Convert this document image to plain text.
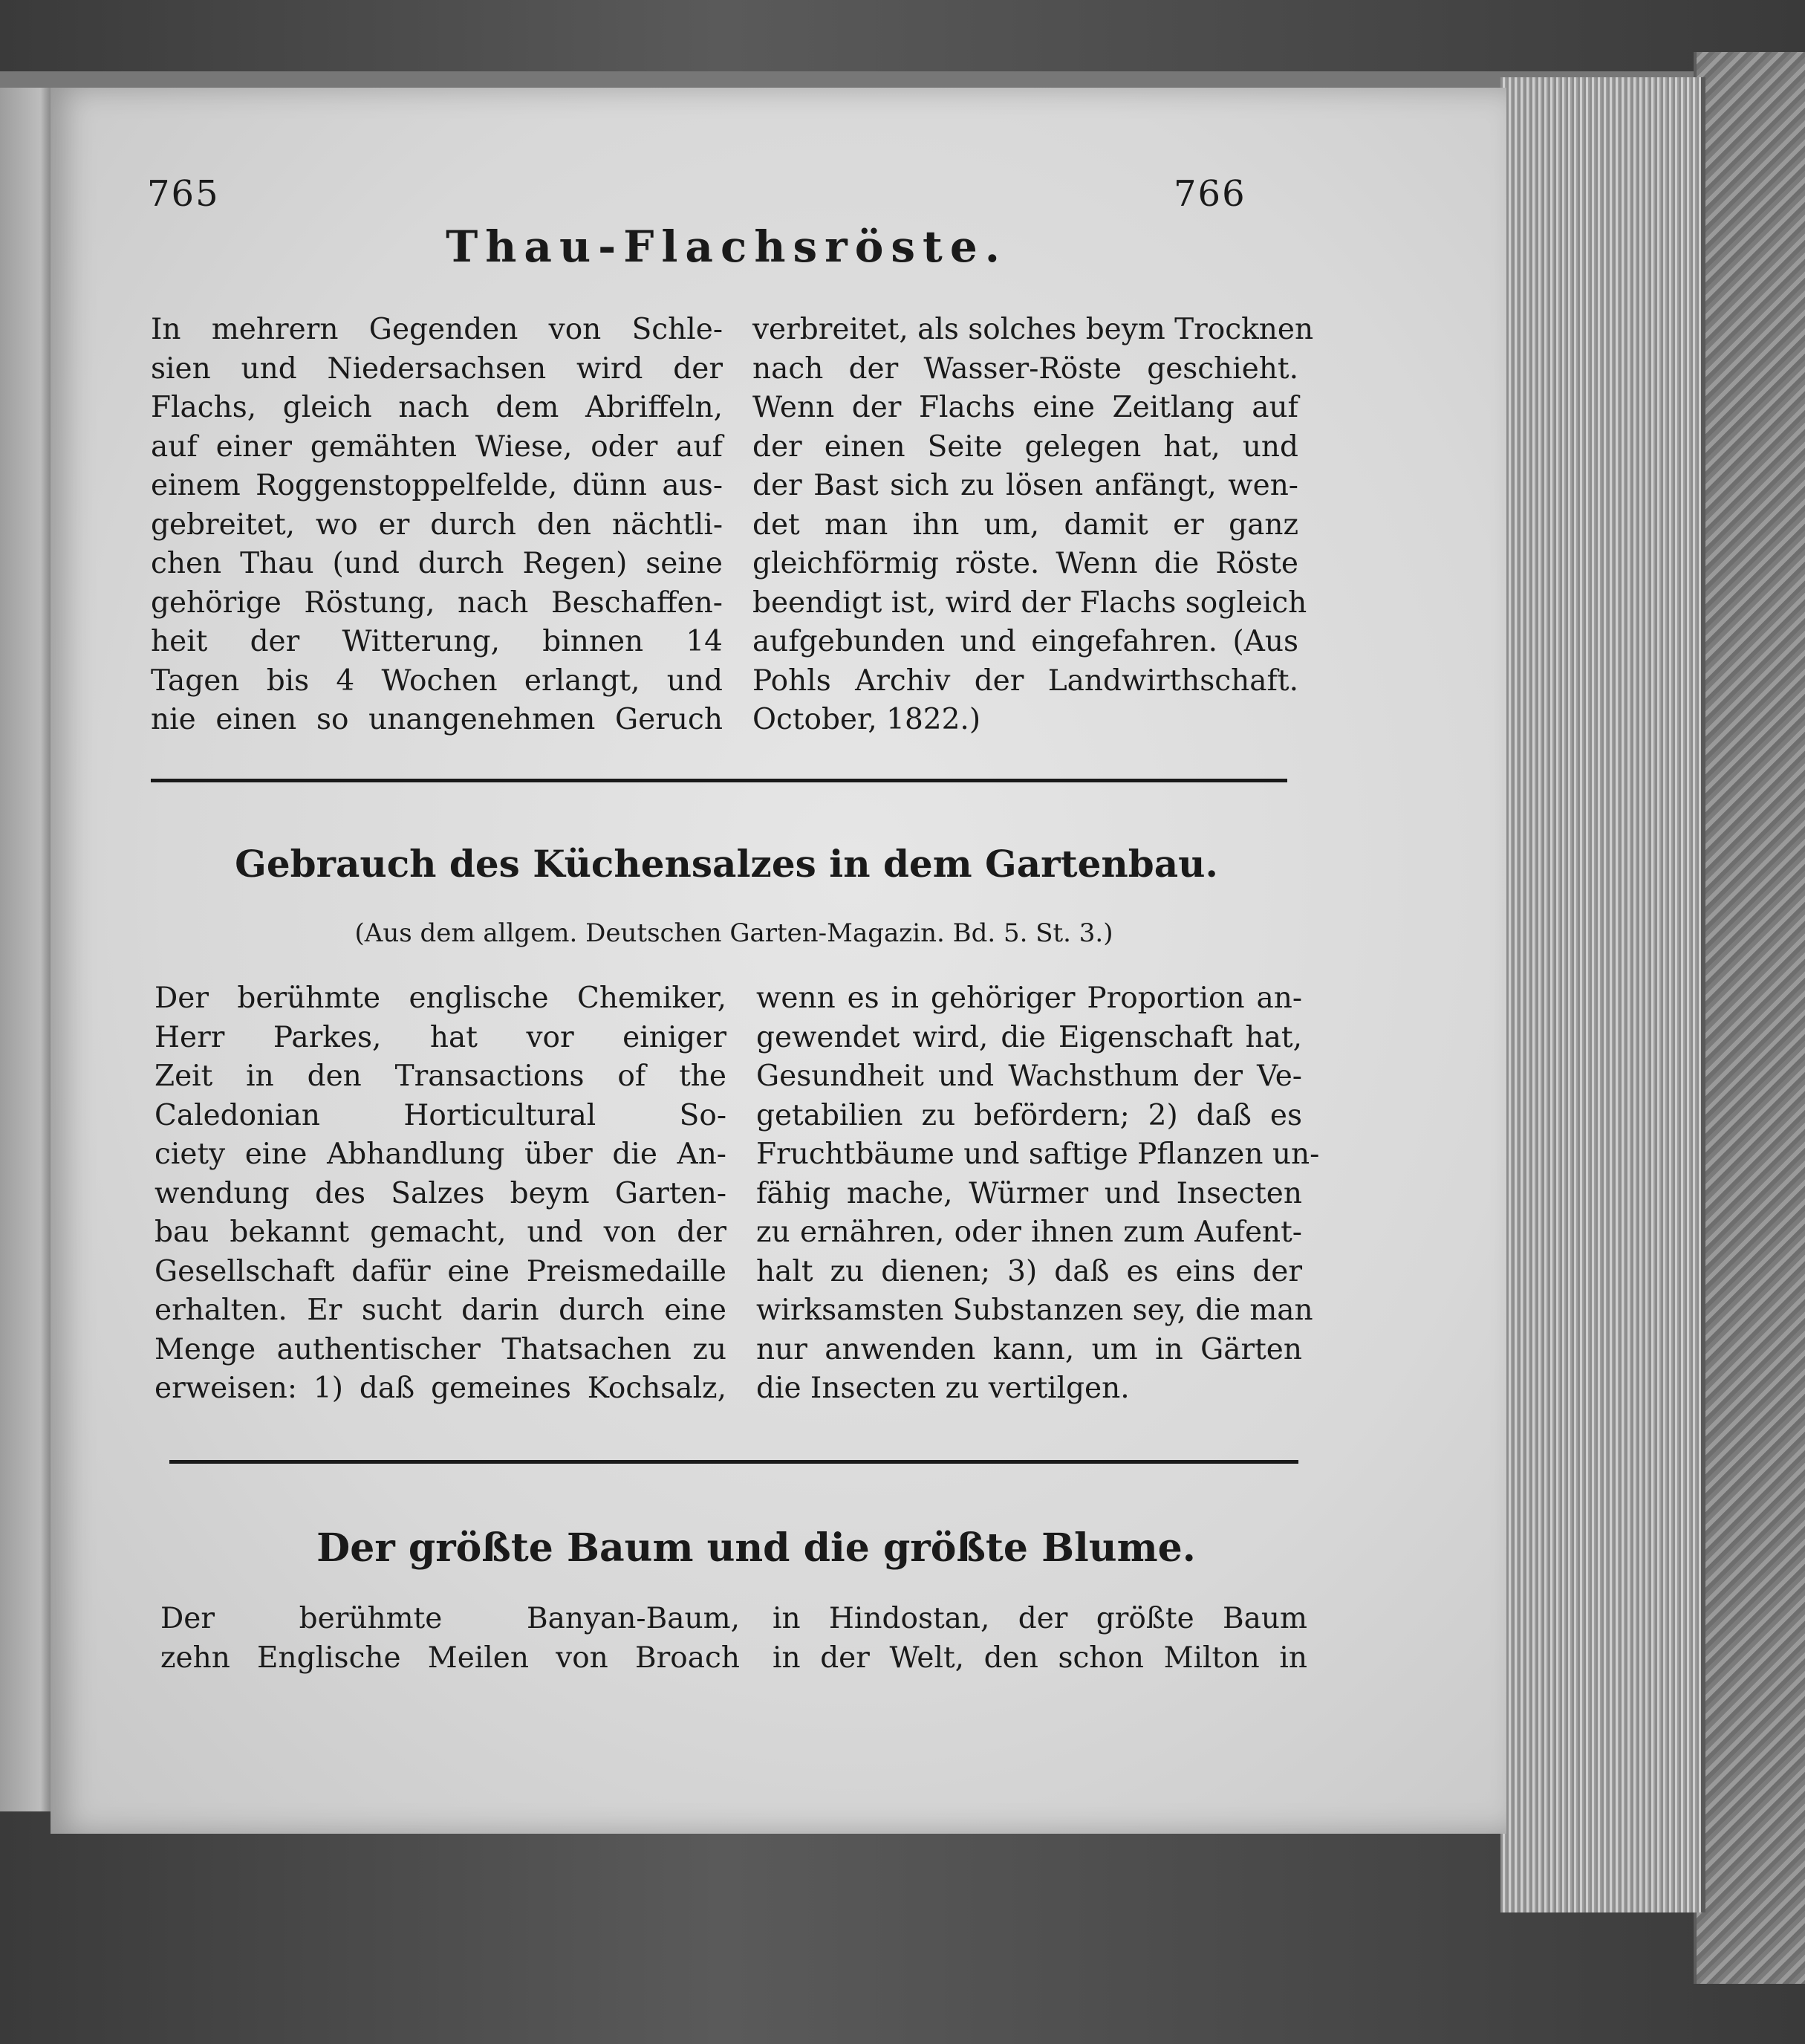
765	766
Thau-Flachsröste.
In mehrern Gegenden von Schle-
sien und Niedersachsen wird der
Flachs, gleich nach dem Abriffeln,
auf einer gemähten Wiese, oder auf
einem Roggenstoppelfelde, dünn aus-
gebreitet, wo er durch den nächtli-
chen Thau (und durch Regen) seine
gehörige Röstung, nach Beschaffen-
heit der Witterung, binnen 14
Tagen bis 4 Wochen erlangt, und
nie einen so unangenehmen Geruch
verbreitet, als solches beym Trocknen
nach der Wasser-Röste geschieht.
Wenn der Flachs eine Zeitlang auf
der einen Seite gelegen hat, und
der Bast sich zu lösen anfängt, wen-
det man ihn um, damit er ganz
gleichförmig röste. Wenn die Röste
beendigt ist, wird der Flachs sogleich
aufgebunden und eingefahren. (Aus
Pohls Archiv der Landwirthschaft.
October, 1822.)
Gebrauch des Küchensalzes in dem Gartenbau.
(Aus dem allgem. Deutschen Garten-Magazin. Bd. 5. St. 3.)
Der berühmte englische Chemiker,
Herr Parkes, hat vor einiger
Zeit in den Transactions of the
Caledonian Horticultural So-
ciety eine Abhandlung über die An-
wendung des Salzes beym Garten-
bau bekannt gemacht, und von der
Gesellschaft dafür eine Preismedaille
erhalten. Er sucht darin durch eine
Menge authentischer Thatsachen zu
erweisen: 1) daß gemeines Kochsalz,
wenn es in gehöriger Proportion an-
gewendet wird, die Eigenschaft hat,
Gesundheit und Wachsthum der Ve-
getabilien zu befördern; 2) daß es
Fruchtbäume und saftige Pflanzen un-
fähig mache, Würmer und Insecten
zu ernähren, oder ihnen zum Aufent-
halt zu dienen; 3) daß es eins der
wirksamsten Substanzen sey, die man
nur anwenden kann, um in Gärten
die Insecten zu vertilgen.
Der größte Baum und die größte Blume.
Der berühmte Banyan-Baum,
zehn Englische Meilen von Broach
in Hindostan, der größte Baum
in der Welt, den schon Milton in
